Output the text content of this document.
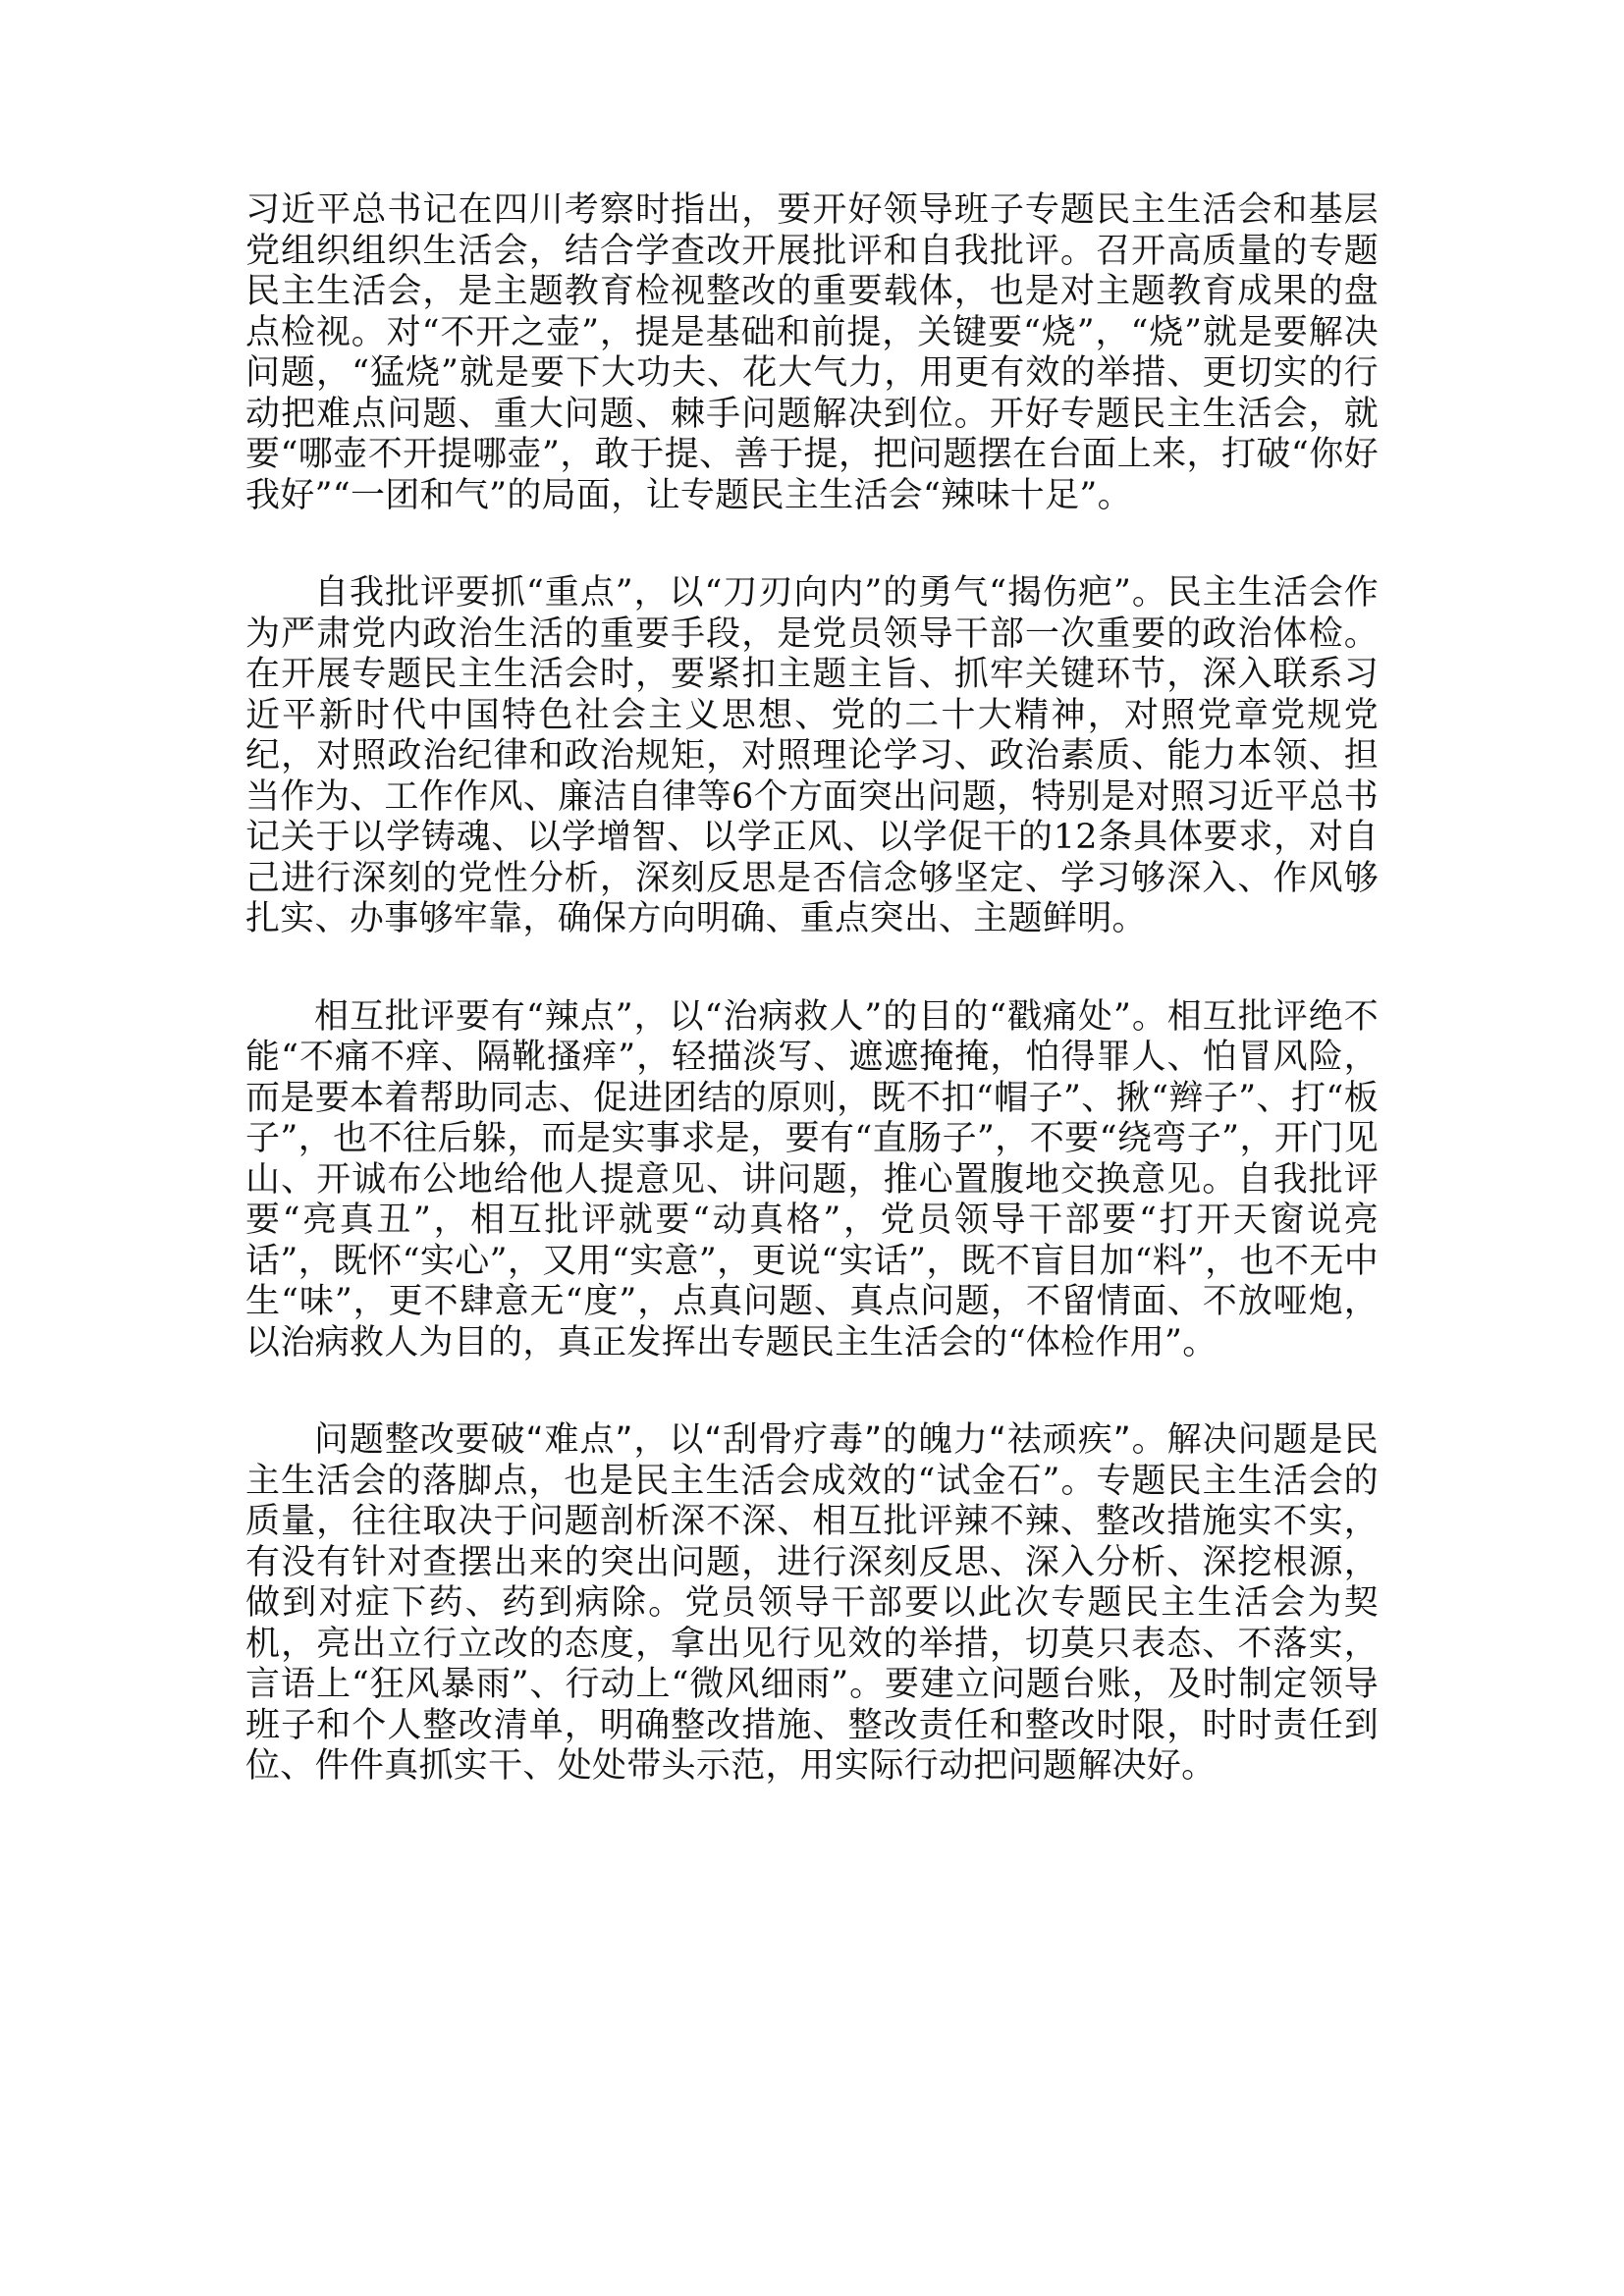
习近平总书记在四川考察时指出，要开好领导班子专题民主生活会和基层党组织组织生活会，结合学查改开展批评和自我批评。召开高质量的专题民主生活会，是主题教育检视整改的重要载体，也是对主题教育成果的盘点检视。对“不开之壶”，提是基础和前提，关键要“烧”，“烧”就是要解决问题，“猛烧”就是要下大功夫、花大气力，用更有效的举措、更切实的行动把难点问题、重大问题、棘手问题解决到位。开好专题民主生活会，就要“哪壶不开提哪壶”，敢于提、善于提，把问题摆在台面上来，打破“你好我好”“一团和气”的局面，让专题民主生活会“辣味十足”。

自我批评要抓“重点”，以“刀刃向内”的勇气“揭伤疤”。民主生活会作为严肃党内政治生活的重要手段，是党员领导干部一次重要的政治体检。在开展专题民主生活会时，要紧扣主题主旨、抓牢关键环节，深入联系习近平新时代中国特色社会主义思想、党的二十大精神，对照党章党规党纪，对照政治纪律和政治规矩，对照理论学习、政治素质、能力本领、担当作为、工作作风、廉洁自律等6个方面突出问题，特别是对照习近平总书记关于以学铸魂、以学增智、以学正风、以学促干的12条具体要求，对自己进行深刻的党性分析，深刻反思是否信念够坚定、学习够深入、作风够扎实、办事够牢靠，确保方向明确、重点突出、主题鲜明。

相互批评要有“辣点”，以“治病救人”的目的“戳痛处”。相互批评绝不能“不痛不痒、隔靴搔痒”，轻描淡写、遮遮掩掩，怕得罪人、怕冒风险，而是要本着帮助同志、促进团结的原则，既不扣“帽子”、揪“辫子”、打“板子”，也不往后躲，而是实事求是，要有“直肠子”，不要“绕弯子”，开门见山、开诚布公地给他人提意见、讲问题，推心置腹地交换意见。自我批评要“亮真丑”，相互批评就要“动真格”，党员领导干部要“打开天窗说亮话”，既怀“实心”，又用“实意”，更说“实话”，既不盲目加“料”，也不无中生“味”，更不肆意无“度”，点真问题、真点问题，不留情面、不放哑炮，以治病救人为目的，真正发挥出专题民主生活会的“体检作用”。

问题整改要破“难点”，以“刮骨疗毒”的魄力“祛顽疾”。解决问题是民主生活会的落脚点，也是民主生活会成效的“试金石”。专题民主生活会的质量，往往取决于问题剖析深不深、相互批评辣不辣、整改措施实不实，有没有针对查摆出来的突出问题，进行深刻反思、深入分析、深挖根源，做到对症下药、药到病除。党员领导干部要以此次专题民主生活会为契机，亮出立行立改的态度，拿出见行见效的举措，切莫只表态、不落实，言语上“狂风暴雨”、行动上“微风细雨”。要建立问题台账，及时制定领导班子和个人整改清单，明确整改措施、整改责任和整改时限，时时责任到位、件件真抓实干、处处带头示范，用实际行动把问题解决好。
